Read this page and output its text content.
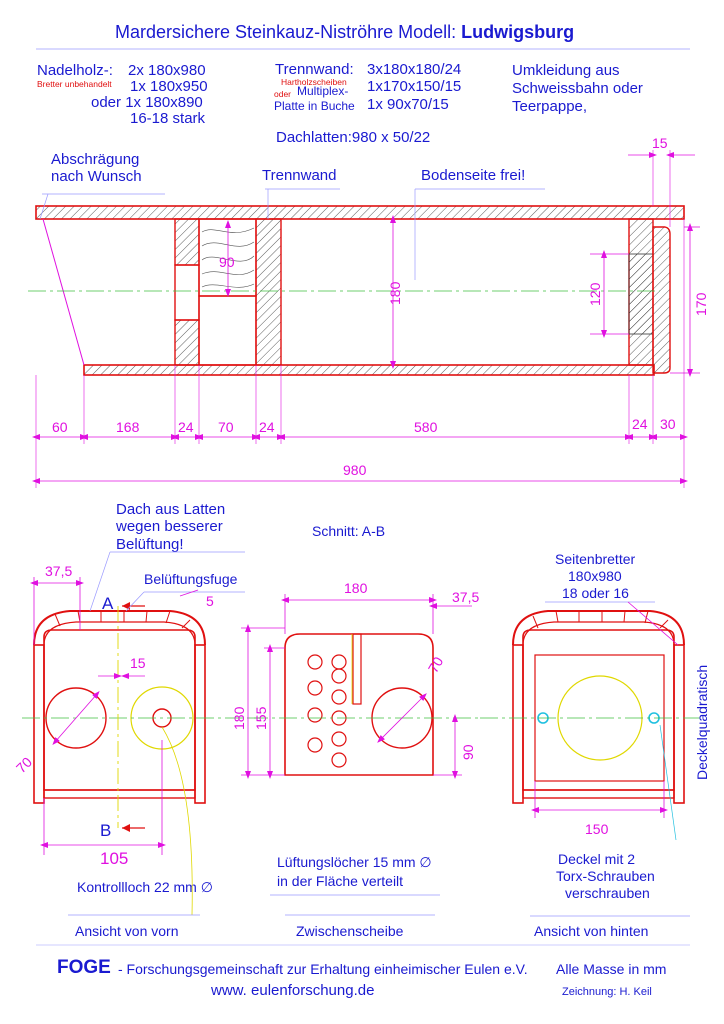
Mardersichere Steinkauz-Niströhre Modell: Ludwigsburg
Nadelholz-:
Bretter unbehandelt
2x 180x980
1x 180x950
oder 1x 180x890
16-18 stark
Trennwand: 3x180x180/24
Hartholzscheiben
oder Multiplex- 1x170x150/15
Platte in Buche 1x 90x70/15
Dachlatten:980 x 50/22
Umkleidung aus
Schweissbahn oder
Teerpappe,
Abschrägung
nach Wunsch	Trennwand	Bodenseite frei!
Dach aus Latten
wegen besserer
Belüftung!
Belüftungsfuge
Kontrollloch 22 mm ∅
Ansicht von vorn
Schnitt: A-B
Lüftungslöcher 15 mm ∅
in der Fläche verteilt
Zwischenscheibe
Seitenbretter
180x980
18 oder 16
Deckel mit 2
Torx-Schrauben
verschrauben
Ansicht von hinten
FOGE - Forschungsgemeinschaft zur Erhaltung einheimischer Eulen e.V. Alle Masse in mm
www. eulenforschung.de	Zeichnung: H. Keil
60	168	24 70 24	580	24 30
980
15
90
180	120	170
37,5
5
15
70
105
A
B
180
37,5
180 155
70
90
150
Deckelquadratisch
